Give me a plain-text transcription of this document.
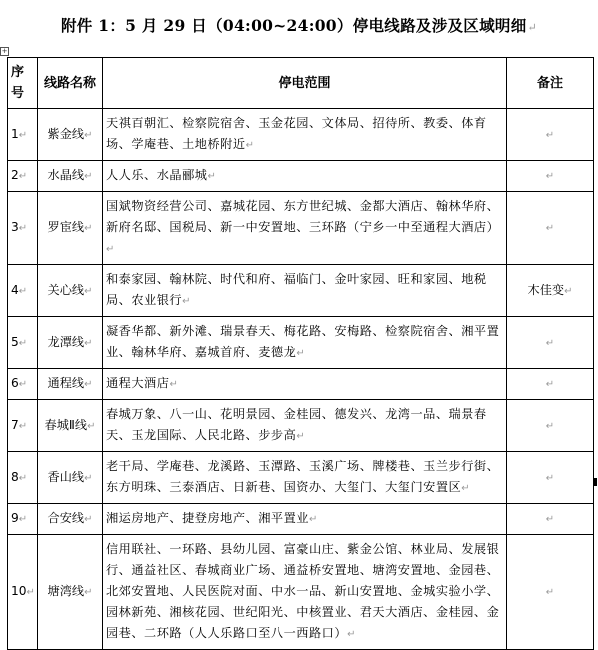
附件 1：5 月 29 日（04:00~24:00）停电线路及涉及区域明细↵
+
序号	线路名称	停电范围	备注
1↵	紫金线↵	天祺百朝汇、检察院宿舍、玉金花园、文体局、招待所、教委、体育场、学庵巷、土地桥附近↵	↵
2↵	水晶线↵	人人乐、水晶郦城↵	↵
3↵	罗宦线↵	国斌物资经营公司、嘉城花园、东方世纪城、金都大酒店、翰林华府、新府名邸、国税局、新一中安置地、三环路（宁乡一中至通程大酒店）↵	↵
4↵	关心线↵	和泰家园、翰林院、时代和府、福临门、金叶家园、旺和家园、地税局、农业银行↵	木佳变↵
5↵	龙潭线↵	凝香华都、新外滩、瑞景春天、梅花路、安梅路、检察院宿舍、湘平置业、翰林华府、嘉城首府、麦德龙↵	↵
6↵	通程线↵	通程大酒店↵	↵
7↵	春城Ⅱ线↵	春城万象、八一山、花明景园、金桂园、德发兴、龙湾一品、瑞景春天、玉龙国际、人民北路、步步高↵	↵
8↵	香山线↵	老干局、学庵巷、龙溪路、玉潭路、玉溪广场、牌楼巷、玉兰步行街、东方明珠、三泰酒店、日新巷、国资办、大玺门、大玺门安置区↵	↵
9↵	合安线↵	湘运房地产、捷登房地产、湘平置业↵	↵
10↵	塘湾线↵	信用联社、一环路、县幼儿园、富豪山庄、紫金公馆、林业局、发展银行、通益社区、春城商业广场、通益桥安置地、塘湾安置地、金园巷、北郊安置地、人民医院对面、中水一品、新山安置地、金城实验小学、园林新苑、湘核花园、世纪阳光、中核置业、君天大酒店、金桂园、金园巷、二环路（人人乐路口至八一西路口）↵	↵
